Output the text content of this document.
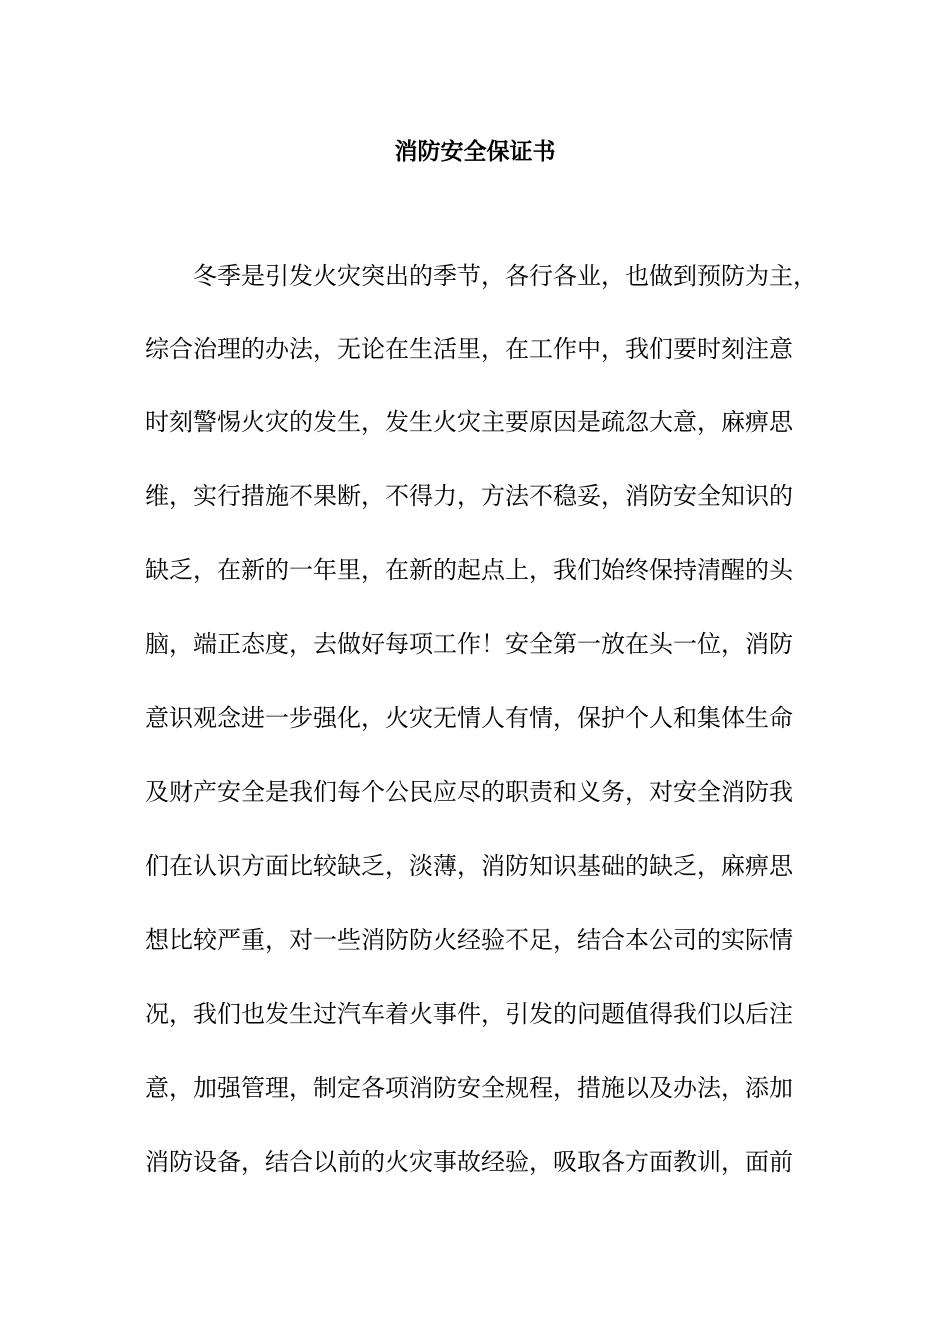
消防安全保证书
冬季是引发火灾突出的季节，各行各业，也做到预防为主，
综合治理的办法，无论在生活里，在工作中，我们要时刻注意
时刻警惕火灾的发生，发生火灾主要原因是疏忽大意，麻痹思
维，实行措施不果断，不得力，方法不稳妥，消防安全知识的
缺乏，在新的一年里，在新的起点上，我们始终保持清醒的头
脑，端正态度，去做好每项工作！安全第一放在头一位，消防
意识观念进一步强化，火灾无情人有情，保护个人和集体生命
及财产安全是我们每个公民应尽的职责和义务，对安全消防我
们在认识方面比较缺乏，淡薄，消防知识基础的缺乏，麻痹思
想比较严重，对一些消防防火经验不足，结合本公司的实际情
况，我们也发生过汽车着火事件，引发的问题值得我们以后注
意，加强管理，制定各项消防安全规程，措施以及办法，添加
消防设备，结合以前的火灾事故经验，吸取各方面教训，面前
